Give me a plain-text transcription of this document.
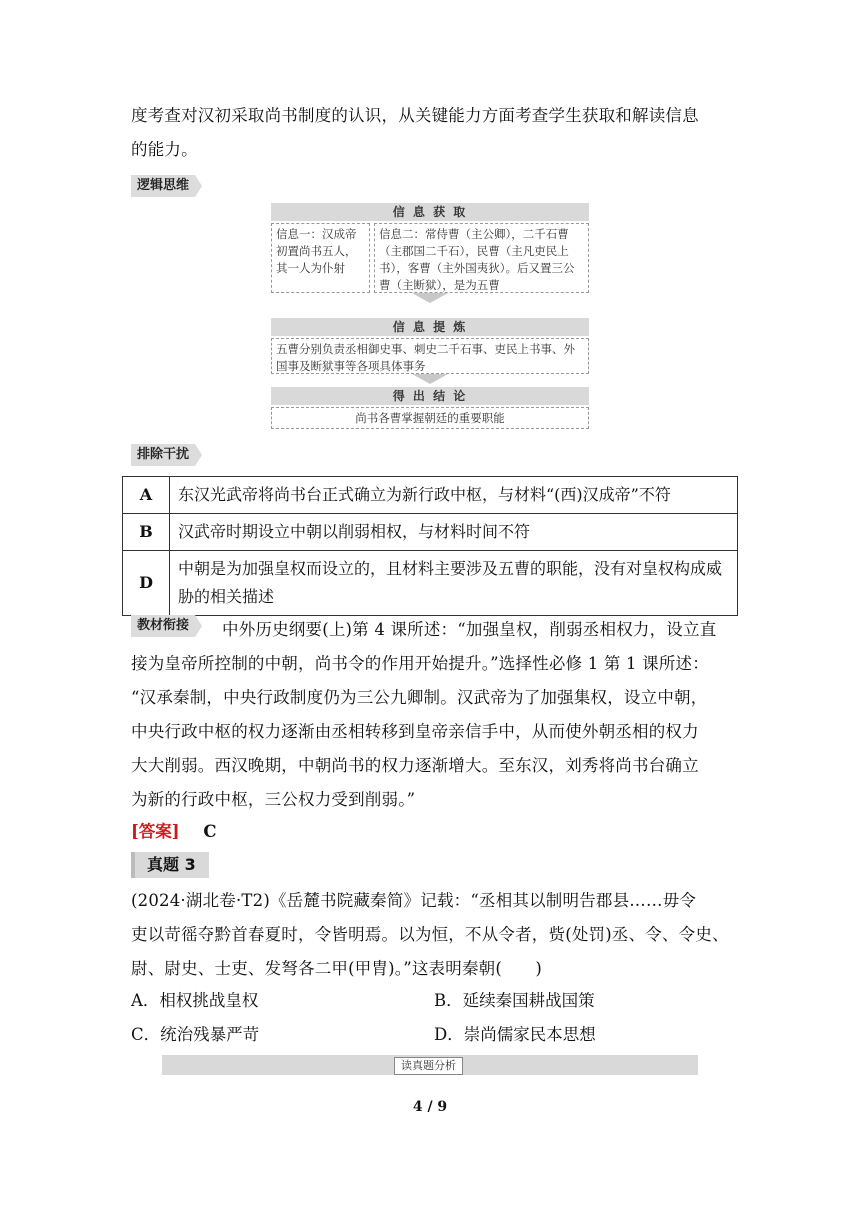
度考查对汉初采取尚书制度的认识，从关键能力方面考查学生获取和解读信息
的能力。
逻辑思维
信 息 获 取
信息一：汉成帝初置尚书五人，其一人为仆射
信息二：常侍曹（主公卿），二千石曹（主郡国二千石），民曹（主凡吏民上书），客曹（主外国夷狄）。后又置三公曹（主断狱），是为五曹
信 息 提 炼
五曹分别负责丞相御史事、刺史二千石事、吏民上书事、外国事及断狱事等各项具体事务
得 出 结 论
尚书各曹掌握朝廷的重要职能
排除干扰
A	东汉光武帝将尚书台正式确立为新行政中枢，与材料“(西)汉成帝”不符
B	汉武帝时期设立中朝以削弱相权，与材料时间不符
D	中朝是为加强皇权而设立的，且材料主要涉及五曹的职能，没有对皇权构成威胁的相关描述
教材衔接	中外历史纲要(上)第 4 课所述：“加强皇权，削弱丞相权力，设立直
接为皇帝所控制的中朝，尚书令的作用开始提升。”选择性必修 1 第 1 课所述：
“汉承秦制，中央行政制度仍为三公九卿制。汉武帝为了加强集权，设立中朝，
中央行政中枢的权力逐渐由丞相转移到皇帝亲信手中，从而使外朝丞相的权力
大大削弱。西汉晚期，中朝尚书的权力逐渐增大。至东汉，刘秀将尚书台确立
为新的行政中枢，三公权力受到削弱。”
[答案] C
真题 3
(2024·湖北卷·T2)《岳麓书院藏秦简》记载：“丞相其以制明告郡县……毋令
吏以苛徭夺黔首春夏时，令皆明焉。以为恒，不从令者，赀(处罚)丞、令、令史、
尉、尉史、士吏、发弩各二甲(甲胄)。”这表明秦朝(　　)
A．相权挑战皇权	B．延续秦国耕战国策
C．统治残暴严苛	D．崇尚儒家民本思想
读真题分析
4 / 9
